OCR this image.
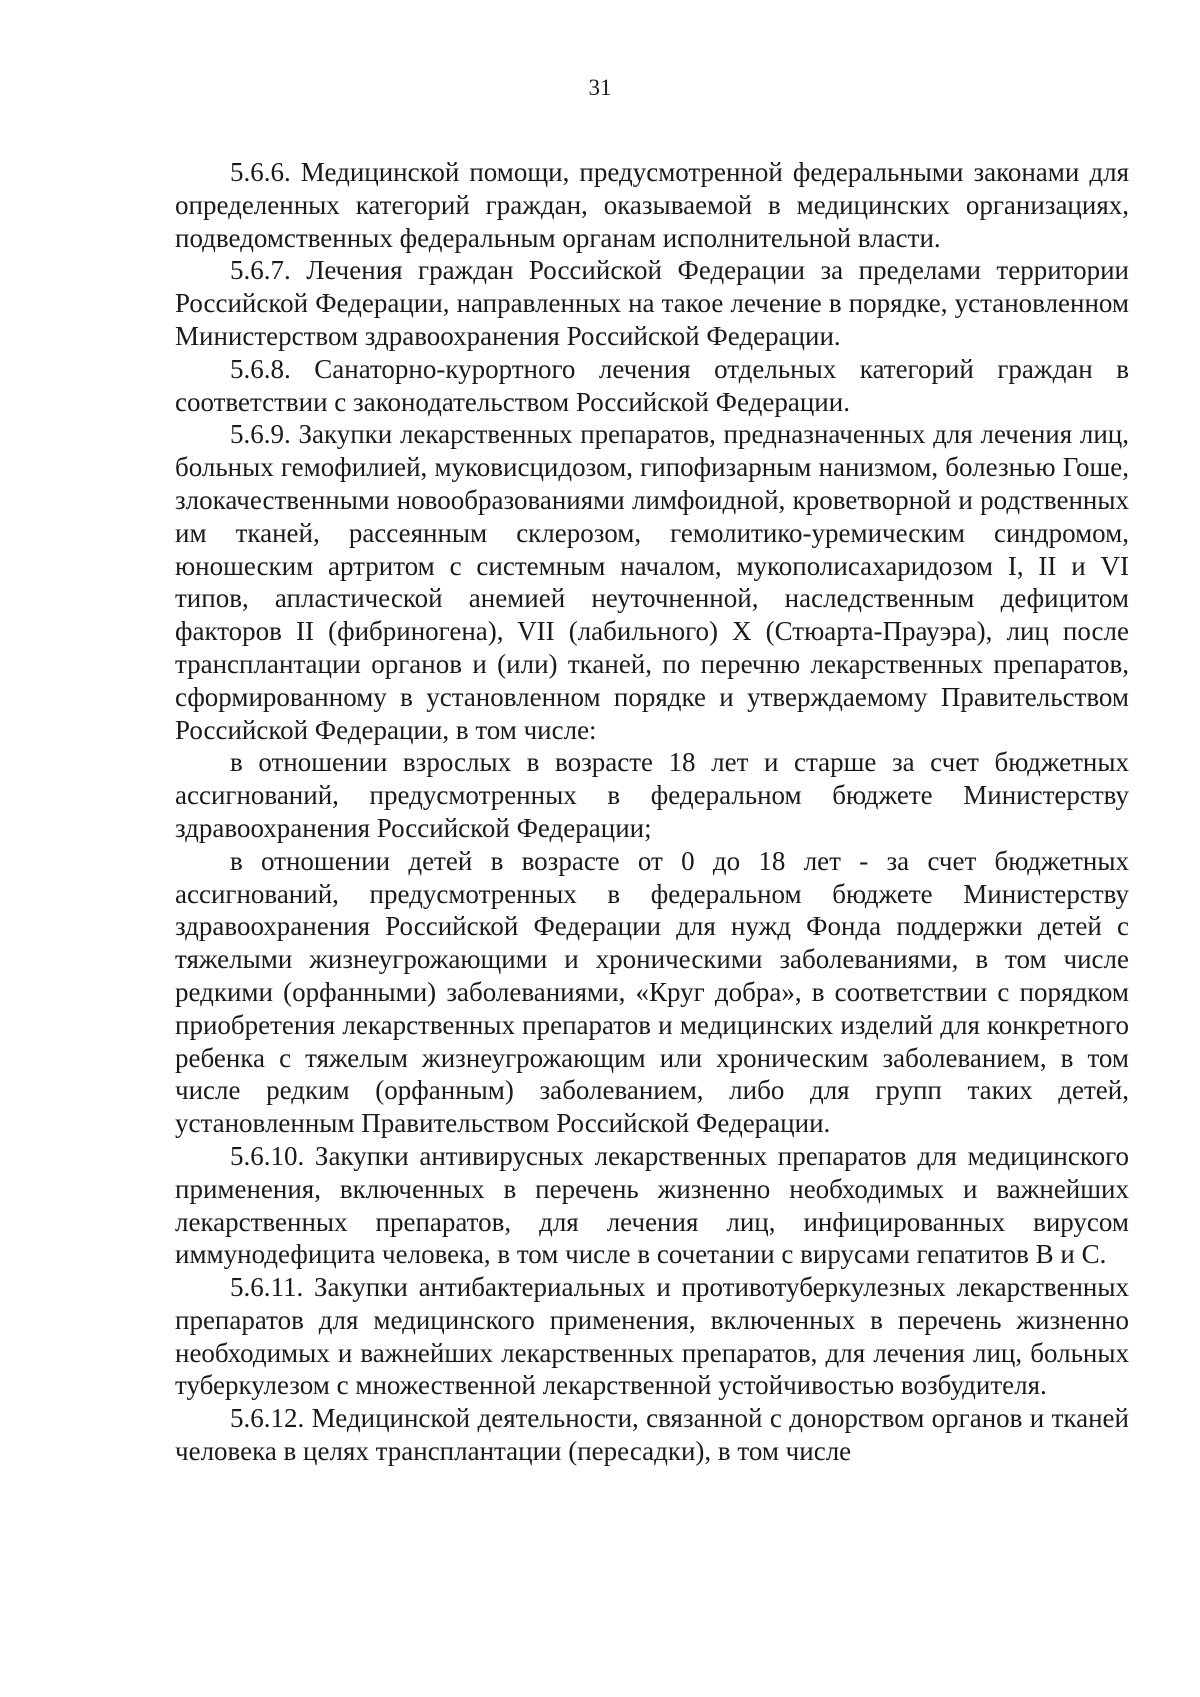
31

5.6.6. Медицинской помощи, предусмотренной федеральными законами для определенных категорий граждан, оказываемой в медицинских организациях, подведомственных федеральным органам исполнительной власти.

5.6.7. Лечения граждан Российской Федерации за пределами территории Российской Федерации, направленных на такое лечение в порядке, установленном Министерством здравоохранения Российской Федерации.

5.6.8. Санаторно-курортного лечения отдельных категорий граждан в соответствии с законодательством Российской Федерации.

5.6.9. Закупки лекарственных препаратов, предназначенных для лечения лиц, больных гемофилией, муковисцидозом, гипофизарным нанизмом, болезнью Гоше, злокачественными новообразованиями лимфоидной, кроветворной и родственных им тканей, рассеянным склерозом, гемолитико-уремическим синдромом, юношеским артритом с системным началом, мукополисахаридозом I, II и VI типов, апластической анемией неуточненной, наследственным дефицитом факторов II (фибриногена), VII (лабильного) X (Стюарта-Прауэра), лиц после трансплантации органов и (или) тканей, по перечню лекарственных препаратов, сформированному в установленном порядке и утверждаемому Правительством Российской Федерации, в том числе:

в отношении взрослых в возрасте 18 лет и старше за счет бюджетных ассигнований, предусмотренных в федеральном бюджете Министерству здравоохранения Российской Федерации;

в отношении детей в возрасте от 0 до 18 лет - за счет бюджетных ассигнований, предусмотренных в федеральном бюджете Министерству здравоохранения Российской Федерации для нужд Фонда поддержки детей с тяжелыми жизнеугрожающими и хроническими заболеваниями, в том числе редкими (орфанными) заболеваниями, «Круг добра», в соответствии с порядком приобретения лекарственных препаратов и медицинских изделий для конкретного ребенка с тяжелым жизнеугрожающим или хроническим заболеванием, в том числе редким (орфанным) заболеванием, либо для групп таких детей, установленным Правительством Российской Федерации.

5.6.10. Закупки антивирусных лекарственных препаратов для медицинского применения, включенных в перечень жизненно необходимых и важнейших лекарственных препаратов, для лечения лиц, инфицированных вирусом иммунодефицита человека, в том числе в сочетании с вирусами гепатитов B и C.

5.6.11. Закупки антибактериальных и противотуберкулезных лекарственных препаратов для медицинского применения, включенных в перечень жизненно необходимых и важнейших лекарственных препаратов, для лечения лиц, больных туберкулезом с множественной лекарственной устойчивостью возбудителя.

5.6.12. Медицинской деятельности, связанной с донорством органов и тканей человека в целях трансплантации (пересадки), в том числе
